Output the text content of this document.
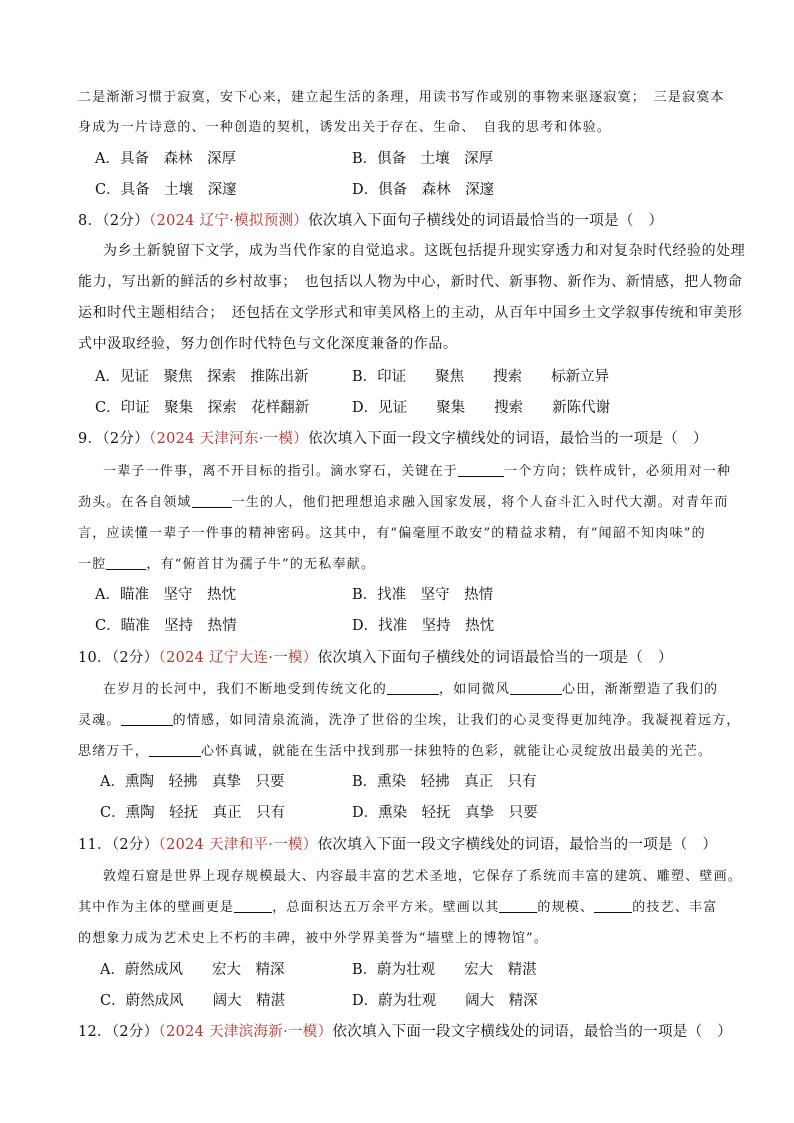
二是渐渐习惯于寂寞，安下心来，建立起生活的条理，用读书写作或别的事物来驱逐寂寞；　三是寂寞本
身成为一片诗意的、一种创造的契机，诱发出关于存在、生命、　自我的思考和体验。
A．具备　森林　深厚	B．俱备　土壤　深厚
C．具备　土壤　深邃	D．俱备　森林　深邃
8．（2分）（2024 辽宁·模拟预测）依次填入下面句子横线处的词语最恰当的一项是（　）
为乡土新貌留下文学，成为当代作家的自觉追求。这既包括提升现实穿透力和对复杂时代经验的处理
能力，写出新的鲜活的乡村故事；　也包括以人物为中心，新时代、新事物、新作为、新情感，把人物命
运和时代主题相结合；　还包括在文学形式和审美风格上的主动，从百年中国乡土文学叙事传统和审美形
式中汲取经验，努力创作时代特色与文化深度兼备的作品。
A．见证　聚焦　探索　推陈出新	B．印证　　聚焦　　搜索　　标新立异
C．印证　聚集　探索　花样翻新	D．见证　　聚集　　搜索　　新陈代谢
9．（2分）（2024 天津河东·一模）依次填入下面一段文字横线处的词语，最恰当的一项是（　）
一辈子一件事，离不开目标的指引。滴水穿石，关键在于	一个方向；铁杵成针，必须用对一种
劲头。在各自领域	一生的人，他们把理想追求融入国家发展，将个人奋斗汇入时代大潮。对青年而
言，应读懂一辈子一件事的精神密码。这其中，有“偏毫厘不敢安”的精益求精，有“闻韶不知肉味”的
一腔	，有“俯首甘为孺子牛”的无私奉献。
A．瞄准　坚守　热忱	B．找准　坚守　热情
C．瞄准　坚持　热情	D．找准　坚持　热忱
10．（2分）（2024 辽宁大连·一模）依次填入下面句子横线处的词语最恰当的一项是（　）
在岁月的长河中，我们不断地受到传统文化的	，如同微风	心田，渐渐塑造了我们的
灵魂。	的情感，如同清泉流淌，洗净了世俗的尘埃，让我们的心灵变得更加纯净。我凝视着远方，
思绪万千，	心怀真诚，就能在生活中找到那一抹独特的色彩，就能让心灵绽放出最美的光芒。
A．熏陶　轻拂　真挚　只要	B．熏染　轻拂　真正　只有
C．熏陶　轻抚　真正　只有	D．熏染　轻抚　真挚　只要
11．（2分）（2024 天津和平·一模）依次填入下面一段文字横线处的词语，最恰当的一项是（　）
敦煌石窟是世界上现存规模最大、内容最丰富的艺术圣地，它保存了系统而丰富的建筑、雕塑、壁画。
其中作为主体的壁画更是	，总面积达五万余平方米。壁画以其	的规模、	的技艺、丰富
的想象力成为艺术史上不朽的丰碑，被中外学界美誉为“墙壁上的博物馆”。
A．蔚然成风　　宏大　精深	B．蔚为壮观　　宏大　精湛
C．蔚然成风　　阔大　精湛	D．蔚为壮观　　阔大　精深
12．（2分）（2024 天津滨海新·一模）依次填入下面一段文字横线处的词语，最恰当的一项是（　）
